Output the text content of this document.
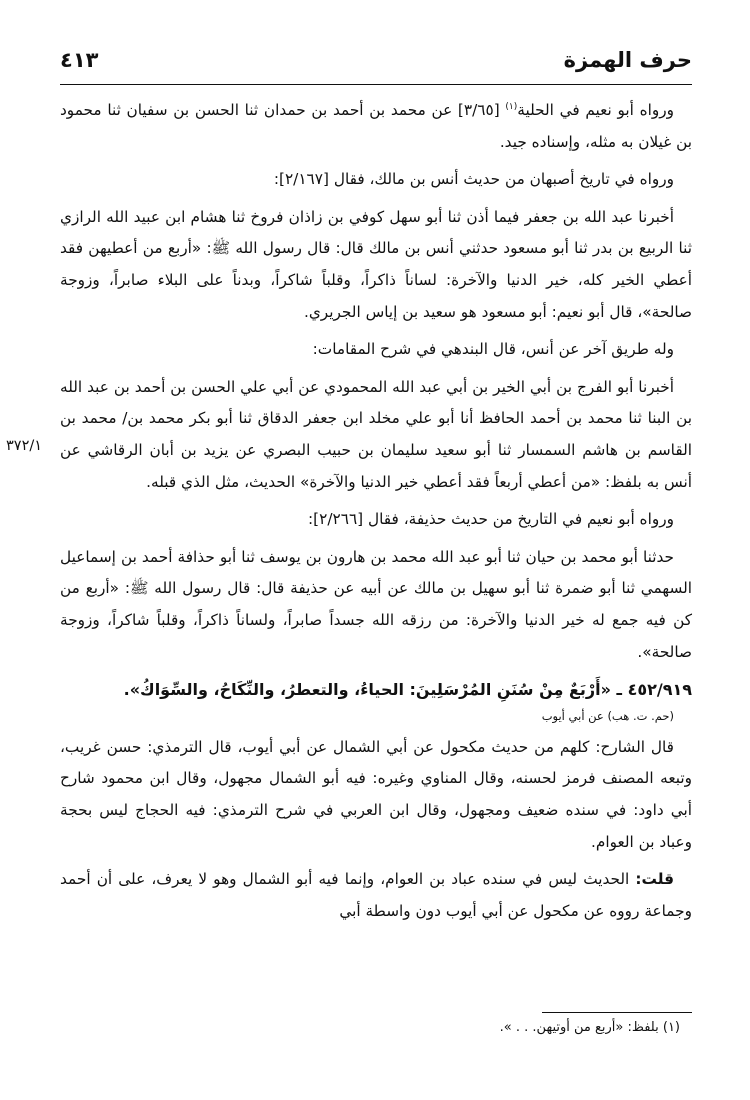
حرف الهمزة
٤١٣
٣٧٢/١

ورواه أبو نعيم في الحلية$^{(١)}$ [٣/٦٥] عن محمد بن أحمد بن حمدان ثنا الحسن بن سفيان ثنا محمود بن غيلان به مثله، وإسناده جيد.

ورواه في تاريخ أصبهان من حديث أنس بن مالك، فقال [٢/١٦٧]:

أخبرنا عبد الله بن جعفر فيما أذن ثنا أبو سهل كوفي بن زاذان فروخ ثنا هشام ابن عبيد الله الرازي ثنا الربيع بن بدر ثنا أبو مسعود حدثني أنس بن مالك قال: قال رسول الله ﷺ: «أربع من أعطيهن فقد أعطي الخير كله، خير الدنيا والآخرة: لساناً ذاكراً، وقلباً شاكراً، وبدناً على البلاء صابراً، وزوجة صالحة»، قال أبو نعيم: أبو مسعود هو سعيد بن إياس الجريري.

وله طريق آخر عن أنس، قال البندهي في شرح المقامات:

أخبرنا أبو الفرج بن أبي الخير بن أبي عبد الله المحمودي عن أبي علي الحسن بن أحمد بن عبد الله بن البنا ثنا محمد بن أحمد الحافظ أنا أبو علي مخلد ابن جعفر الدقاق ثنا أبو بكر محمد بن/ محمد بن القاسم بن هاشم السمسار ثنا أبو سعيد سليمان بن حبيب البصري عن يزيد بن أبان الرقاشي عن أنس به بلفظ: «من أعطي أربعاً فقد أعطي خير الدنيا والآخرة» الحديث، مثل الذي قبله.

ورواه أبو نعيم في التاريخ من حديث حذيفة، فقال [٢/٢٦٦]:

حدثنا أبو محمد بن حيان ثنا أبو عبد الله محمد بن هارون بن يوسف ثنا أبو حذافة أحمد بن إسماعيل السهمي ثنا أبو ضمرة ثنا أبو سهيل بن مالك عن أبيه عن حذيفة قال: قال رسول الله ﷺ: «أربع من كن فيه جمع له خير الدنيا والآخرة: من رزقه الله جسداً صابراً، ولساناً ذاكراً، وقلباً شاكراً، وزوجة صالحة».

٤٥٢/٩١٩ ـ «أَرْبَعٌ مِنْ سُنَنِ المُرْسَلِينَ: الحياءُ، والتعطرُ، والنِّكَاحُ، والسِّوَاكُ».

(حم. ت. هب) عن أبي أيوب

قال الشارح: كلهم من حديث مكحول عن أبي الشمال عن أبي أيوب، قال الترمذي: حسن غريب، وتبعه المصنف فرمز لحسنه، وقال المناوي وغيره: فيه أبو الشمال مجهول، وقال ابن محمود شارح أبي داود: في سنده ضعيف ومجهول، وقال ابن العربي في شرح الترمذي: فيه الحجاج ليس بحجة وعباد بن العوام.

قلت: الحديث ليس في سنده عباد بن العوام، وإنما فيه أبو الشمال وهو لا يعرف، على أن أحمد وجماعة رووه عن مكحول عن أبي أيوب دون واسطة أبي

(١) بلفظ: «أربع من أوتيهن. . . ».
